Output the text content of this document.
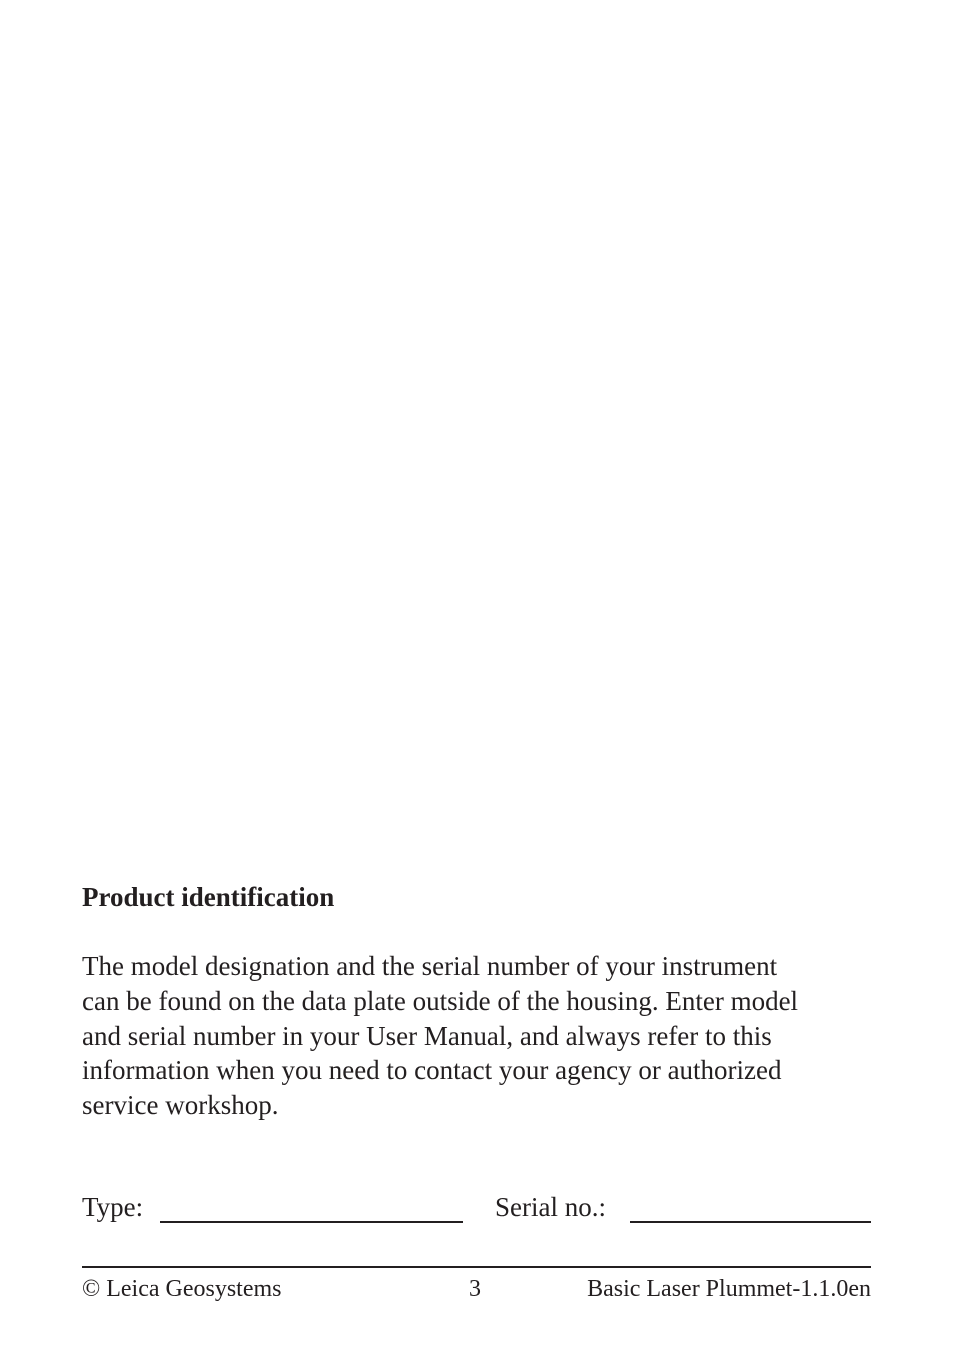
Product identification
The model designation and the serial number of your instrument
can be found on the data plate outside of the housing. Enter model
and serial number in your User Manual, and always refer to this
information when you need to contact your agency or authorized
service workshop.
Type:	Serial no.:
© Leica Geosystems	3	Basic Laser Plummet-1.1.0en
